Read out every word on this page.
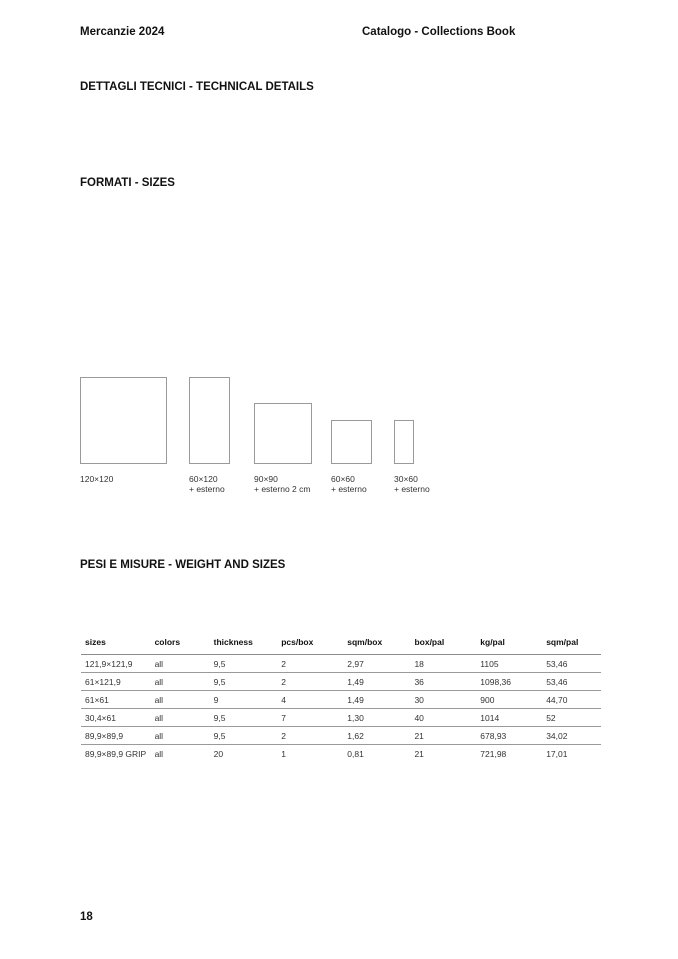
Mercanzie 2024	Catalogo - Collections Book
DETTAGLI TECNICI - TECHNICAL DETAILS
FORMATI - SIZES
120×120	60×120
+ esterno
90×90
+ esterno 2 cm
60×60
+ esterno
30×60
+ esterno
PESI E MISURE - WEIGHT AND SIZES
sizes	colors	thickness	pcs/box	sqm/box	box/pal	kg/pal	sqm/pal
121,9×121,9	all	9,5	2	2,97	18	1105	53,46
61×121,9	all	9,5	2	1,49	36	1098,36	53,46
61×61	all	9	4	1,49	30	900	44,70
30,4×61	all	9,5	7	1,30	40	1014	52
89,9×89,9	all	9,5	2	1,62	21	678,93	34,02
89,9×89,9 GRIP	all	20	1	0,81	21	721,98	17,01
18
